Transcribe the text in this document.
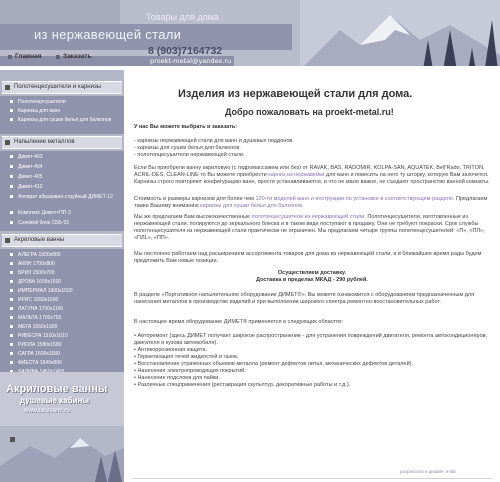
Товары для дома
из нержавеющей стали
8 (903)7164732
proekt-metal@yandex.ru
Главная	Заказать
Полотенцесушители и карнизы
Полотенцесушители
Карнизы для ванн
Карнизы для сушки белья для балконов
Напыление металлов
Димет-403
Димет-404
Димет-405
Димет-412
Аппарат абразивно-струйный ДИМЕТ-12
Комплекс Димет+ПП-3
Солевой блок СББ-93
Акриловые ванны
АЛЕГРА 1500х800
АКИН 1700х800
БРИЗ 1500х700
ДРОВА 1600х1600
ИМПЕРИАЛ 1900х1500
ИРИС 1550х1000
ЛАГУНА 1700х1100
МАЛЬТА 1700х750
МЕГА 1650х1000
РИБЕСРА 1510х1010
РИОЛА 1580х1580
САГРА 1600х1000
ФИЕСТА 1640х800
Акриловые ванны
душевые кабины
www.bestvann.ru
Изделия из нержавеющей стали для дома.
Добро пожаловать на proekt-metal.ru!
У нас Вы можете выбрать и заказать:
- карнизы нержавеющей стали для ванн и душевых поддонов.
- карнизы для сушки белья для балконов.
- полотенцесушители нержавеющей стали.
Если Вы приобрели ванну акриловую (с гидромассажем или без) от RAVAK, BAS, RADOMIR, KOLPA-SAN, AQUATEK, Bell'Rado, TRITON, ACRIL-DES, CLEAN-LINE то Вы можете приобрести карниз из нержавейки для ванн и повесить на него ту шторку, которую Вам захочется. Карнизы строго повторяют конфигурацию ванн, просто устанавливаются, и что не мало важно, не съедают пространство ванной комнаты.
Стоимость и размеры карнизов для более чем 120-ти моделей ванн и инструкции по установке в соответствующем разделе. Предлагаем также Вашему вниманию карнизы для сушки белья для балконов.
Мы же предлагаем Вам высококачественные полотенцесушители из нержавеющей стали. Полотенцесушители, изготовленные из нержавеющей стали, полируются до зеркального блеска и в таком виде поступают в продажу. Они не требуют покраски. Срок службы полотенцесушителя из нержавеющей стали практически не ограничен. Мы предлагаем четыре группы полотенцесушителей: «П», «ПЛ», «ПЛL», «ПП».
Мы постоянно работаем над расширением ассортимента товаров для дома из нержавеющей стали, и в ближайшее время рады будем предложить Вам новые позиции.
Осуществляем доставку.
Доставка в пределах МКАД - 290 рублей.
В разделе «Портативное напылительное оборудование ДИМЕТ®», Вы можете ознакомится с оборудованием предназначенным для нанесения металлов в производстве изделий и при выполнении широкого спектра ремонтно-восстановительных работ.
В настоящее время оборудование ДИМЕТ® применяется в следующих областях:
• Авторемонт (здесь ДИМЕТ получает широкое распространение - для устранения повреждений двигателя, ремонта автокондиционеров, двигателя и кузова автомобиля).
• Антикоррозионная защита.
• Герметизация течей жидкостей и газов.
• Восстановление утраченных объемов металла (ремонт дефектов литья, механических дефектов деталей).
• Нанесение электропроводящих покрытий.
• Нанесение подслоев для пайки.
• Различные спецприменения (реставрация скульптур, декоративные работы и т.д.).
разработка и дизайн: e-lab
